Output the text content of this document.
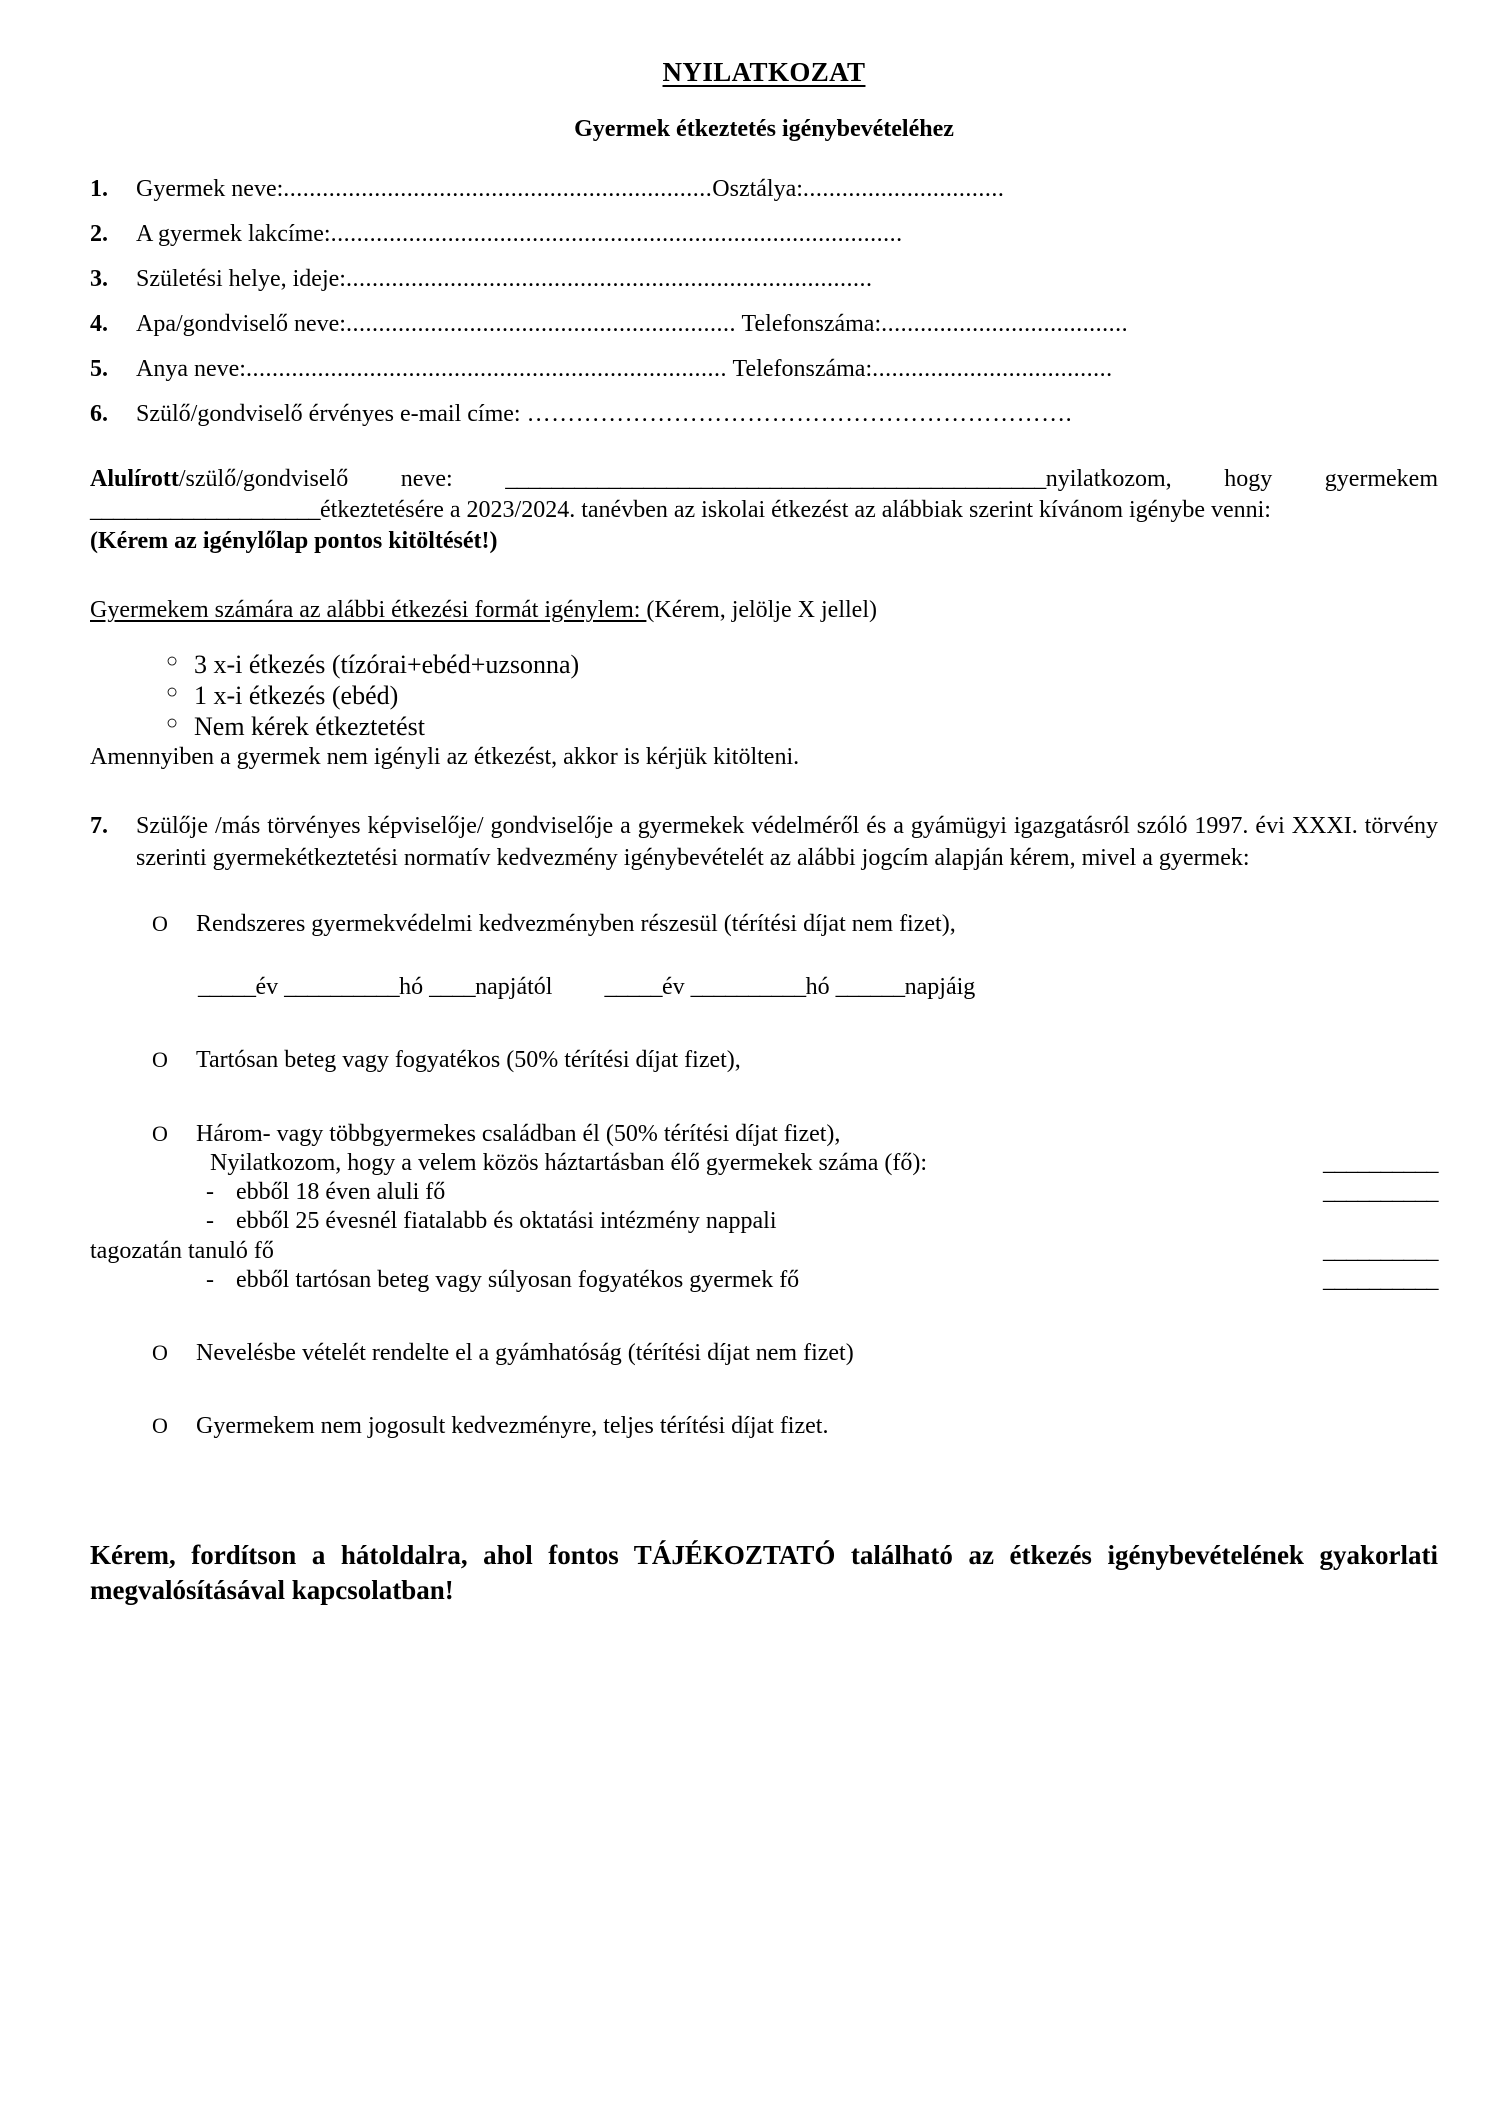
NYILATKOZAT
Gyermek étkeztetés igénybevételéhez
1. Gyermek neve:..................................................................Osztálya:...............................
2. A gyermek lakcíme:........................................................................................
3. Születési helye, ideje:.................................................................................
4. Apa/gondviselő neve:............................................................ Telefonszáma:......................................
5. Anya neve:.......................................................................... Telefonszáma:.....................................
6. Szülő/gondviselő érvényes e-mail címe: ………………………………………………………….

Alulírott/szülő/gondviselő neve: _______________________________________________nyilatkozom, hogy gyermekem ____________________étkeztetésére a 2023/2024. tanévben az iskolai étkezést az alábbiak szerint kívánom igénybe venni:

(Kérem az igénylőlap pontos kitöltését!)

Gyermekem számára az alábbi étkezési formát igénylem: (Kérem, jelölje X jellel)

○ 3 x-i étkezés (tízórai+ebéd+uzsonna)
○ 1 x-i étkezés (ebéd)
○ Nem kérek étkeztetést

Amennyiben a gyermek nem igényli az étkezést, akkor is kérjük kitölteni.

7. Szülője /más törvényes képviselője/ gondviselője a gyermekek védelméről és a gyámügyi igazgatásról szóló 1997. évi XXXI. törvény szerinti gyermekétkeztetési normatív kedvezmény igénybevételét az alábbi jogcím alapján kérem, mivel a gyermek:
O Rendszeres gyermekvédelmi kedvezményben részesül (térítési díjat nem fizet),
_____év __________hó ____napjától _____év __________hó ______napjáig
O Tartósan beteg vagy fogyatékos (50% térítési díjat fizet),
O Három- vagy többgyermekes családban él (50% térítési díjat fizet),
Nyilatkozom, hogy a velem közös háztartásban élő gyermekek száma (fő):	__________
- ebből 18 éven aluli fő	__________
- ebből 25 évesnél fiatalabb és oktatási intézmény nappali
tagozatán tanuló fő	__________
- ebből tartósan beteg vagy súlyosan fogyatékos gyermek fő	__________
O Nevelésbe vételét rendelte el a gyámhatóság (térítési díjat nem fizet)
O Gyermekem nem jogosult kedvezményre, teljes térítési díjat fizet.

Kérem, fordítson a hátoldalra, ahol fontos TÁJÉKOZTATÓ található az étkezés igénybevételének gyakorlati megvalósításával kapcsolatban!
